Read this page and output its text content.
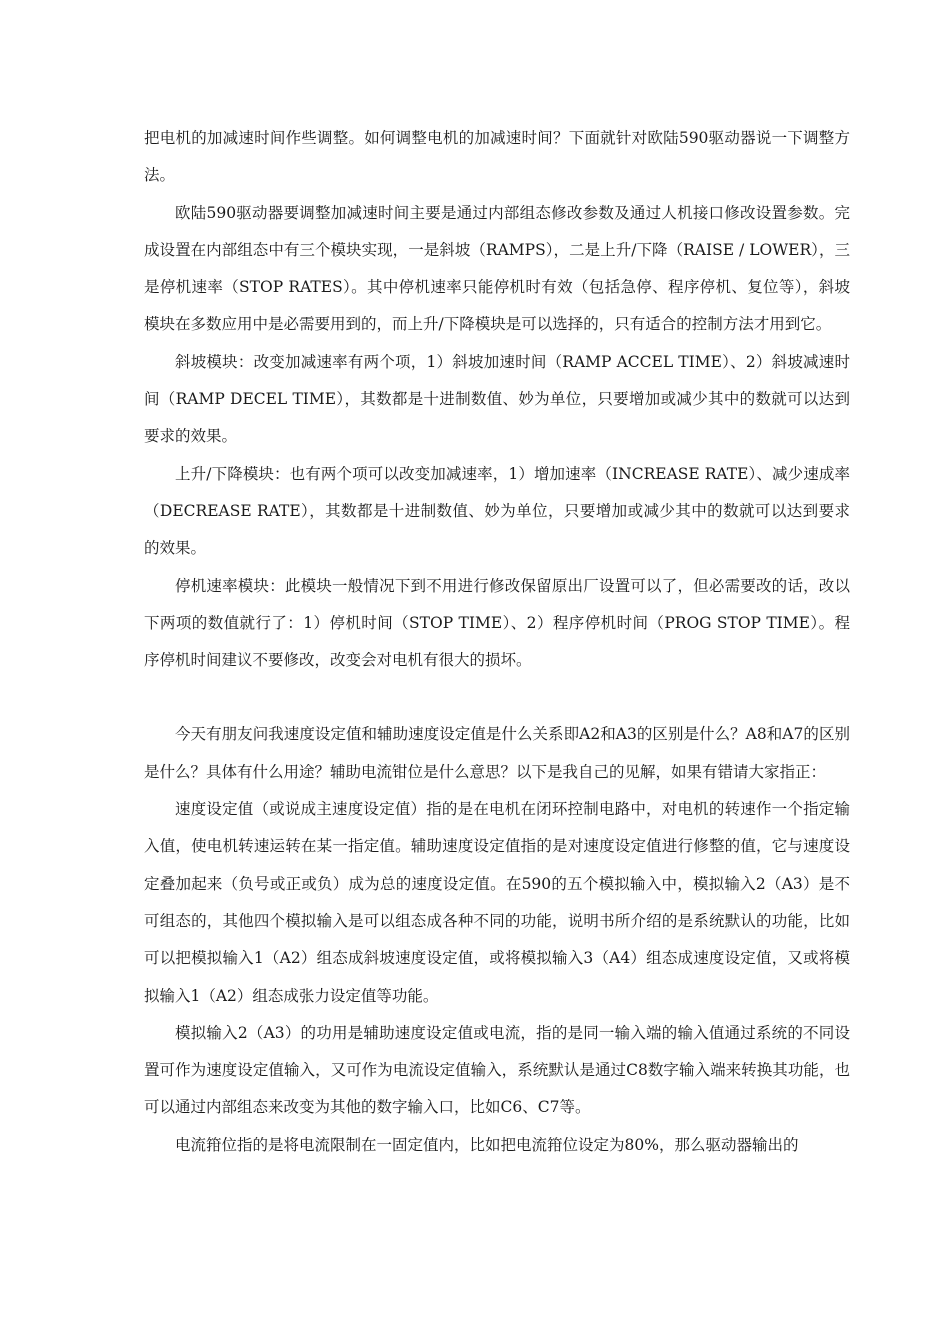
把电机的加减速时间作些调整。如何调整电机的加减速时间？下面就针对欧陆590驱动器说一下调整方法。

欧陆590驱动器要调整加减速时间主要是通过内部组态修改参数及通过人机接口修改设置参数。完成设置在内部组态中有三个模块实现，一是斜坡（RAMPS），二是上升/下降（RAISE / LOWER），三是停机速率（STOP RATES）。其中停机速率只能停机时有效（包括急停、程序停机、复位等），斜坡模块在多数应用中是必需要用到的，而上升/下降模块是可以选择的，只有适合的控制方法才用到它。

斜坡模块：改变加减速率有两个项，1）斜坡加速时间（RAMP ACCEL TIME）、2）斜坡减速时间（RAMP DECEL TIME），其数都是十进制数值、妙为单位，只要增加或减少其中的数就可以达到要求的效果。

上升/下降模块：也有两个项可以改变加减速率，1）增加速率（INCREASE RATE）、减少速成率（DECREASE RATE），其数都是十进制数值、妙为单位，只要增加或减少其中的数就可以达到要求的效果。

停机速率模块：此模块一般情况下到不用进行修改保留原出厂设置可以了，但必需要改的话，改以下两项的数值就行了：1）停机时间（STOP TIME）、2）程序停机时间（PROG STOP TIME）。程序停机时间建议不要修改，改变会对电机有很大的损坏。

今天有朋友问我速度设定值和辅助速度设定值是什么关系即A2和A3的区别是什么？A8和A7的区别是什么？具体有什么用途？辅助电流钳位是什么意思？以下是我自己的见解，如果有错请大家指正：

速度设定值（或说成主速度设定值）指的是在电机在闭环控制电路中，对电机的转速作一个指定输入值，使电机转速运转在某一指定值。辅助速度设定值指的是对速度设定值进行修整的值，它与速度设定叠加起来（负号或正或负）成为总的速度设定值。在590的五个模拟输入中，模拟输入2（A3）是不可组态的，其他四个模拟输入是可以组态成各种不同的功能，说明书所介绍的是系统默认的功能，比如可以把模拟输入1（A2）组态成斜坡速度设定值，或将模拟输入3（A4）组态成速度设定值，又或将模拟输入1（A2）组态成张力设定值等功能。

模拟输入2（A3）的功用是辅助速度设定值或电流，指的是同一输入端的输入值通过系统的不同设置可作为速度设定值输入，又可作为电流设定值输入，系统默认是通过C8数字输入端来转换其功能，也可以通过内部组态来改变为其他的数字输入口，比如C6、C7等。

电流箝位指的是将电流限制在一固定值内，比如把电流箝位设定为80%，那么驱动器输出的
